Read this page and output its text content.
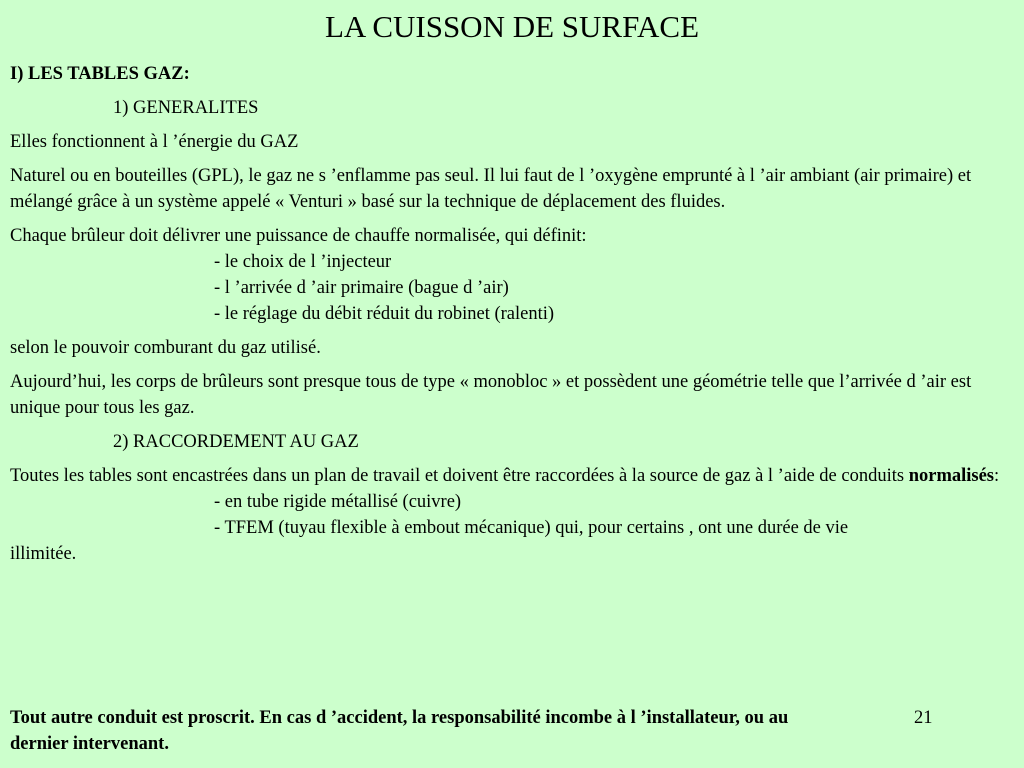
LA CUISSON DE SURFACE

I) LES TABLES GAZ:

1) GENERALITES

Elles fonctionnent à l ’énergie du GAZ

Naturel ou en bouteilles (GPL), le gaz ne s ’enflamme pas seul. Il lui faut de l ’oxygène emprunté à l ’air ambiant (air primaire) et mélangé grâce à un système appelé « Venturi » basé sur la technique de déplacement des fluides.

Chaque brûleur doit délivrer une puissance de chauffe normalisée, qui définit:

- le choix de l ’injecteur

- l ’arrivée d ’air primaire (bague d ’air)

- le réglage du débit réduit du robinet (ralenti)

selon le pouvoir comburant du gaz utilisé.

Aujourd’hui, les corps de brûleurs sont presque tous de type « monobloc » et possèdent une géométrie telle que l’arrivée d ’air est unique pour tous les gaz.

2) RACCORDEMENT AU GAZ

Toutes les tables sont encastrées dans un plan de travail et doivent être raccordées à la source de gaz à l ’aide de conduits normalisés:

- en tube rigide métallisé (cuivre)

- TFEM (tuyau flexible à embout mécanique) qui, pour certains , ont une durée de vie

illimitée.

Tout autre conduit est proscrit. En cas d ’accident, la responsabilité incombe à l ’installateur, ou au dernier intervenant.
21
